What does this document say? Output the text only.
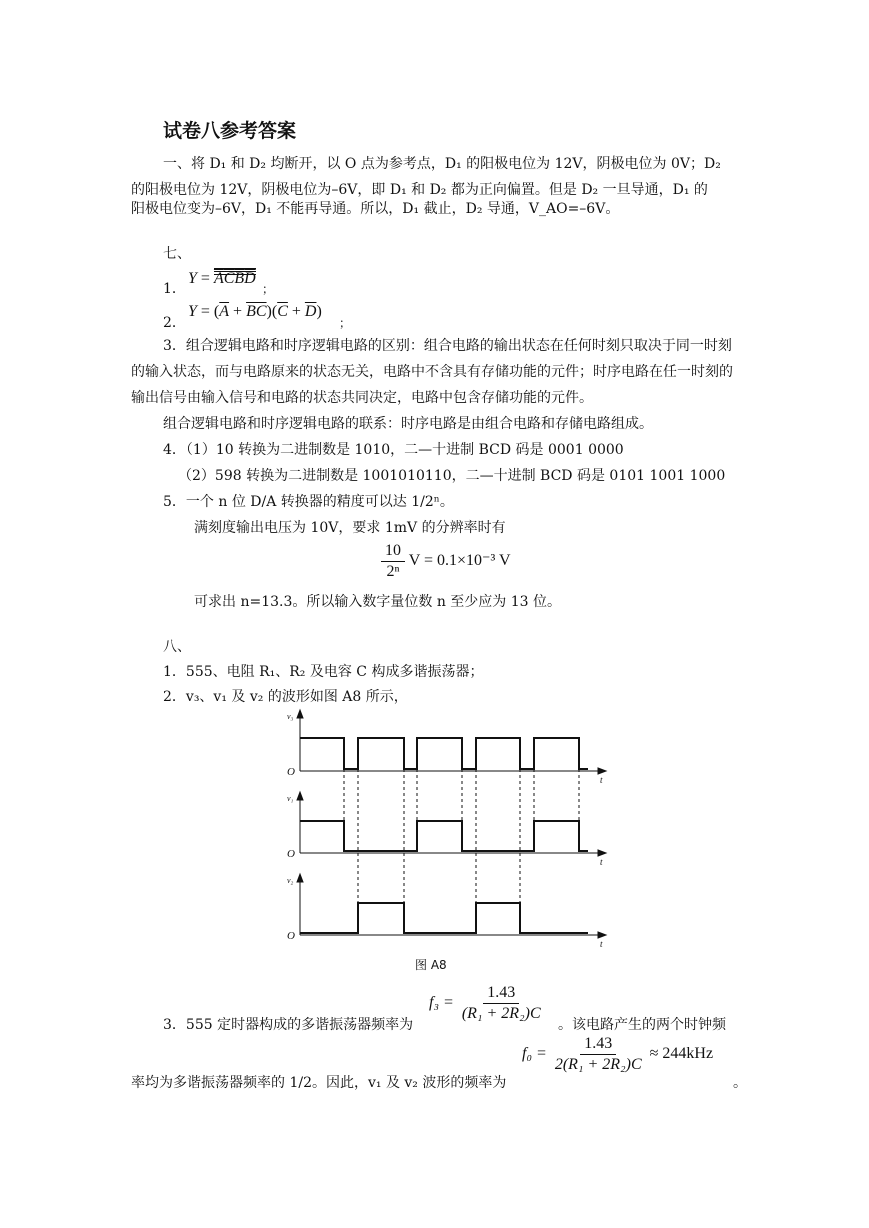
试卷八参考答案
一、将 D₁ 和 D₂ 均断开，以 O 点为参考点，D₁ 的阳极电位为 12V，阴极电位为 0V；D₂
的阳极电位为 12V，阴极电位为–6V，即 D₁ 和 D₂ 都为正向偏置。但是 D₂ 一旦导通，D₁ 的
阳极电位变为–6V，D₁ 不能再导通。所以，D₁ 截止，D₂ 导通，V_AO=–6V。
七、
1．
Y =
$\overline{A}\overline{C}\overline{B}\overline{D}$
；
2．
$Y = (\overline{A} + \overline{BC})(\overline{C} + \overline{D})$
；
3．组合逻辑电路和时序逻辑电路的区别：组合电路的输出状态在任何时刻只取决于同一时刻的输入状态，而与电路原来的状态无关，电路中不含具有存储功能的元件；时序电路在任一时刻的输出信号由输入信号和电路的状态共同决定，电路中包含存储功能的元件。
组合逻辑电路和时序逻辑电路的联系：时序电路是由组合电路和存储电路组成。
4．（1）10 转换为二进制数是 1010，二—十进制 BCD 码是 0001 0000
（2）598 转换为二进制数是 1001010110，二—十进制 BCD 码是 0101 1001 1000
5．一个 n 位 D/A 转换器的精度可以达 1/2ⁿ。
满刻度输出电压为 10V，要求 1mV 的分辨率时有
$\frac{10}{\text{2ⁿ}}$ V = 0.1×10⁻³ V
可求出 n=13.3。所以输入数字量位数 n 至少应为 13 位。
八、
1．555、电阻 R₁、R₂ 及电容 C 构成多谐振荡器；
2．v₃、v₁ 及 v₂ 的波形如图 A8 所示，
v₃
v₁
v₂
O
O
O
t
t
t
图 A8
$f_3 = \frac{1.43}{\text{(R₁ + 2R₂)C}}$
3．555 定时器构成的多谐振荡器频率为	。该电路产生的两个时钟频
$f_0 = \frac{1.43}{\text{2(R₁ + 2R₂)C}} \approx 244kHz$
率均为多谐振荡器频率的 1/2。因此，v₁ 及 v₂ 波形的频率为	。
